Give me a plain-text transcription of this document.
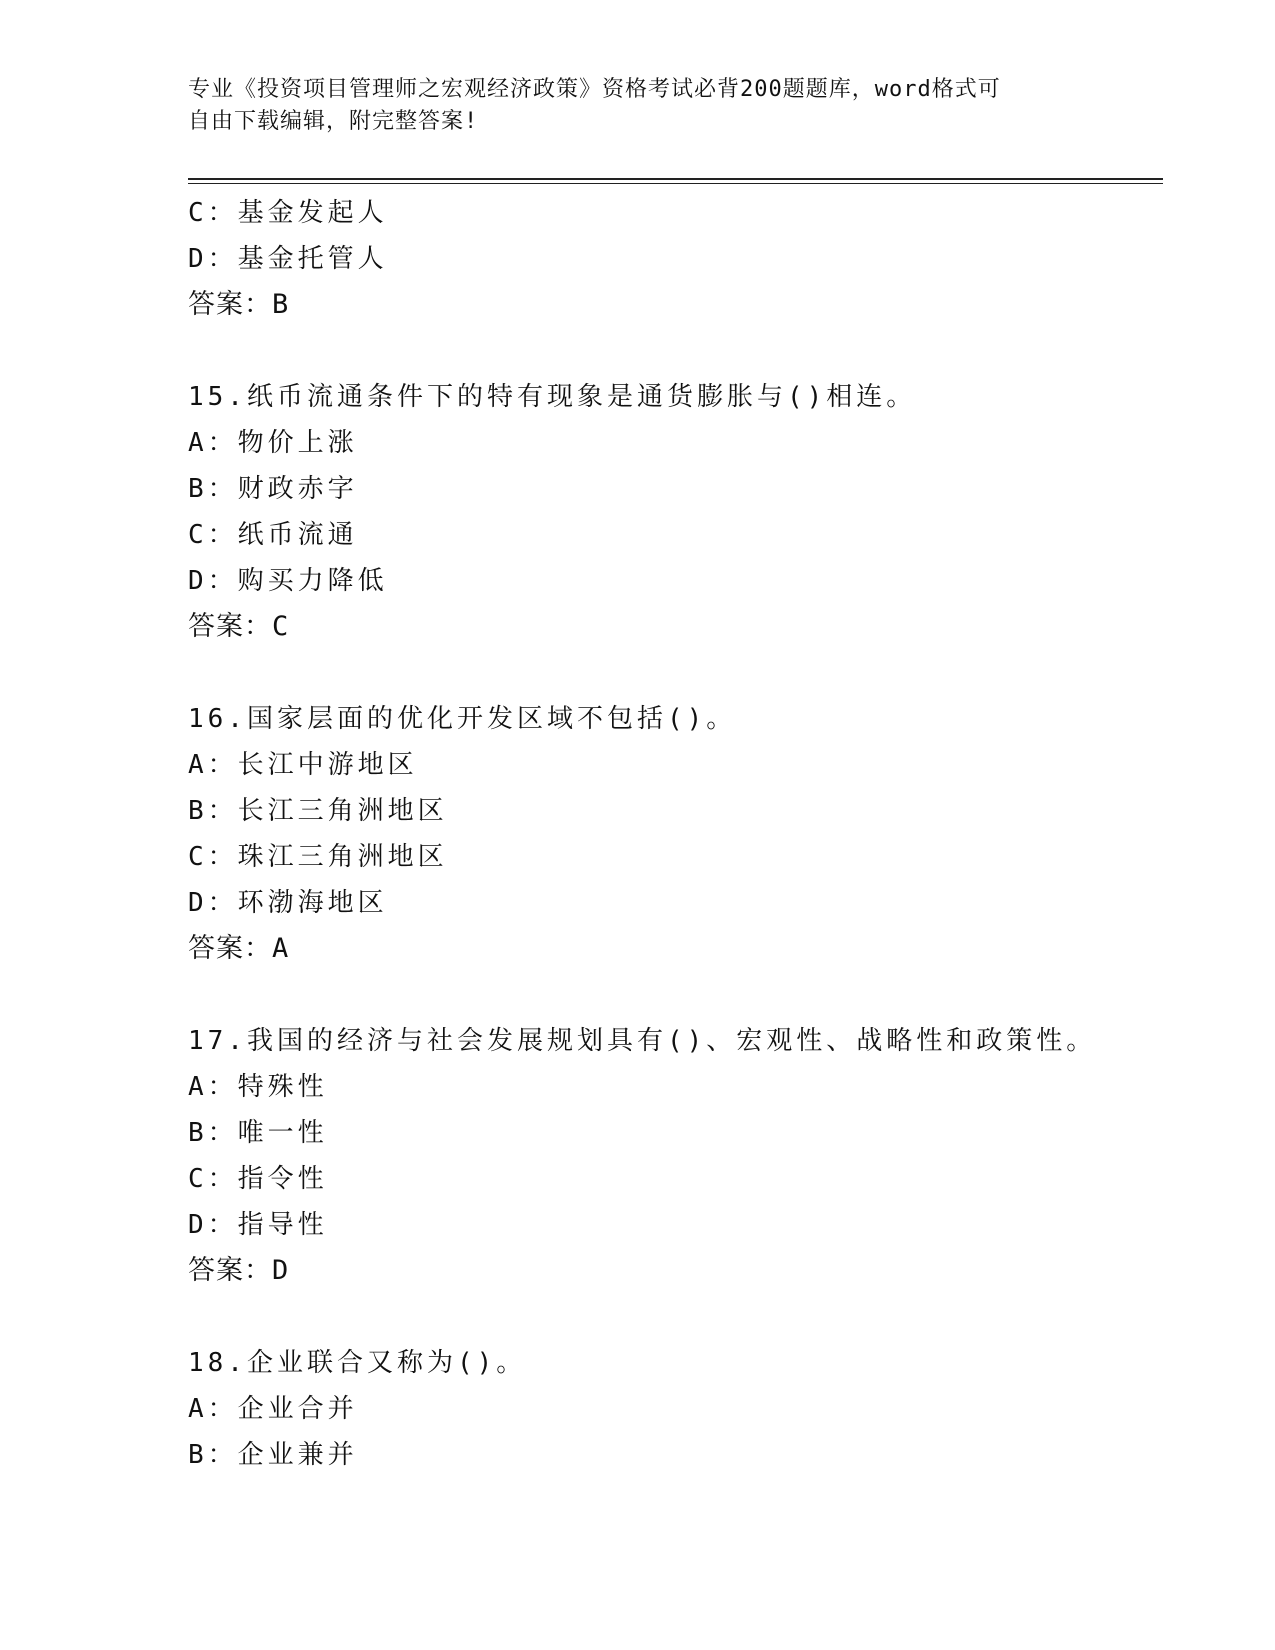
专业《投资项目管理师之宏观经济政策》资格考试必背200题题库，word格式可
自由下载编辑，附完整答案!
C：基金发起人
D：基金托管人
答案：B
15.纸币流通条件下的特有现象是通货膨胀与()相连。
A：物价上涨
B：财政赤字
C：纸币流通
D：购买力降低
答案：C
16.国家层面的优化开发区域不包括()。
A：长江中游地区
B：长江三角洲地区
C：珠江三角洲地区
D：环渤海地区
答案：A
17.我国的经济与社会发展规划具有()、宏观性、战略性和政策性。
A：特殊性
B：唯一性
C：指令性
D：指导性
答案：D
18.企业联合又称为()。
A：企业合并
B：企业兼并
